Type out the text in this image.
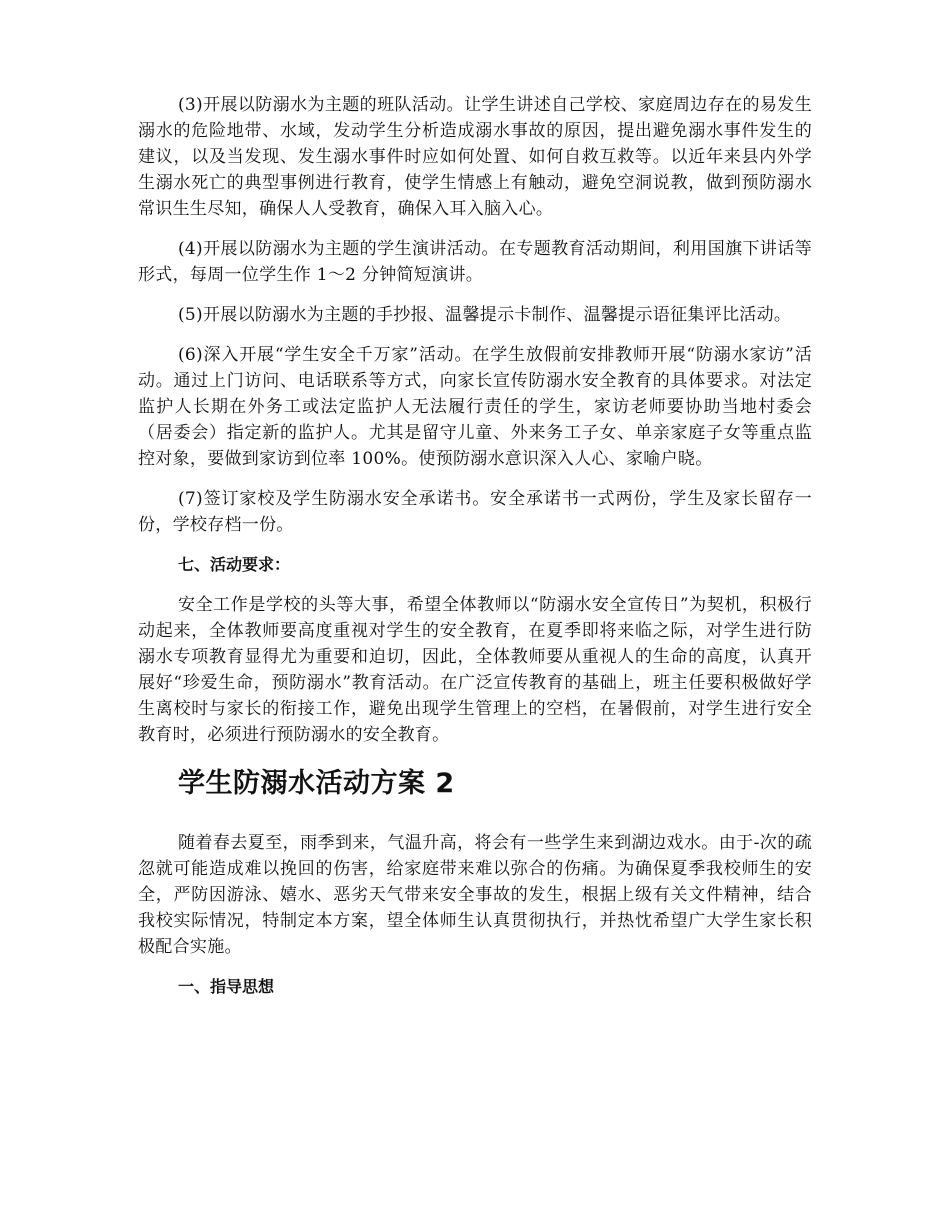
(3)开展以防溺水为主题的班队活动。让学生讲述自己学校、家庭周边存在的易发生溺水的危险地带、水域，发动学生分析造成溺水事故的原因，提出避免溺水事件发生的建议，以及当发现、发生溺水事件时应如何处置、如何自救互救等。以近年来县内外学生溺水死亡的典型事例进行教育，使学生情感上有触动，避免空洞说教，做到预防溺水常识生生尽知，确保人人受教育，确保入耳入脑入心。

(4)开展以防溺水为主题的学生演讲活动。在专题教育活动期间，利用国旗下讲话等形式，每周一位学生作 1～2 分钟简短演讲。

(5)开展以防溺水为主题的手抄报、温馨提示卡制作、温馨提示语征集评比活动。

(6)深入开展“学生安全千万家”活动。在学生放假前安排教师开展“防溺水家访”活动。通过上门访问、电话联系等方式，向家长宣传防溺水安全教育的具体要求。对法定监护人长期在外务工或法定监护人无法履行责任的学生，家访老师要协助当地村委会（居委会）指定新的监护人。尤其是留守儿童、外来务工子女、单亲家庭子女等重点监控对象，要做到家访到位率 100%。使预防溺水意识深入人心、家喻户晓。

(7)签订家校及学生防溺水安全承诺书。安全承诺书一式两份，学生及家长留存一份，学校存档一份。

七、活动要求：

安全工作是学校的头等大事，希望全体教师以“防溺水安全宣传日”为契机，积极行动起来，全体教师要高度重视对学生的安全教育，在夏季即将来临之际，对学生进行防溺水专项教育显得尤为重要和迫切，因此，全体教师要从重视人的生命的高度，认真开展好“珍爱生命，预防溺水”教育活动。在广泛宣传教育的基础上，班主任要积极做好学生离校时与家长的衔接工作，避免出现学生管理上的空档，在暑假前，对学生进行安全教育时，必须进行预防溺水的安全教育。

学生防溺水活动方案 2

随着春去夏至，雨季到来，气温升高，将会有一些学生来到湖边戏水。由于-次的疏忽就可能造成难以挽回的伤害，给家庭带来难以弥合的伤痛。为确保夏季我校师生的安全，严防因游泳、嬉水、恶劣天气带来安全事故的发生，根据上级有关文件精神，结合我校实际情况，特制定本方案，望全体师生认真贯彻执行，并热忱希望广大学生家长积极配合实施。

一、指导思想
